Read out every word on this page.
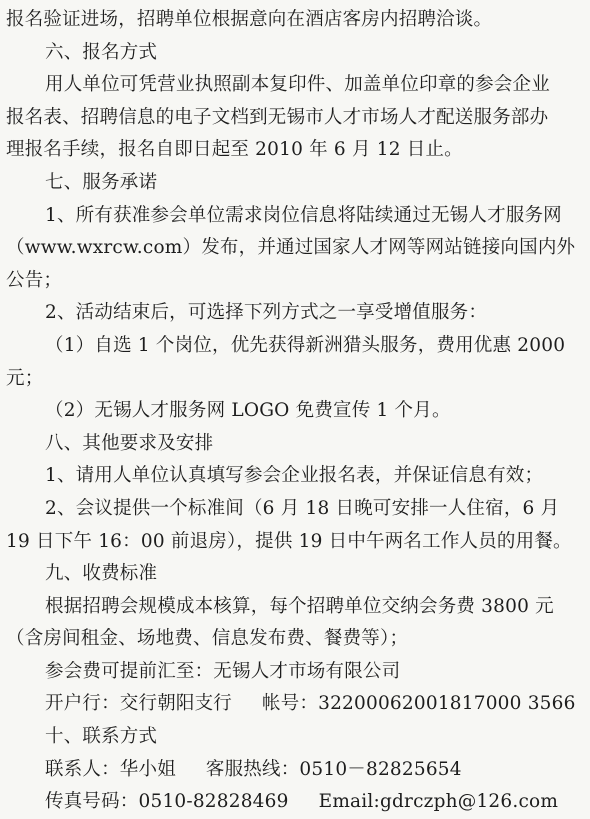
报名验证进场，招聘单位根据意向在酒店客房内招聘洽谈。
六、报名方式
用人单位可凭营业执照副本复印件、加盖单位印章的参会企业
报名表、招聘信息的电子文档到无锡市人才市场人才配送服务部办
理报名手续，报名自即日起至 2010 年 6 月 12 日止。
七、服务承诺
1、所有获准参会单位需求岗位信息将陆续通过无锡人才服务网
（www.wxrcw.com）发布，并通过国家人才网等网站链接向国内外
公告；
2、活动结束后，可选择下列方式之一享受增值服务：
（1）自选 1 个岗位，优先获得新洲猎头服务，费用优惠 2000
元；
（2）无锡人才服务网 LOGO 免费宣传 1 个月。
八、其他要求及安排
1、请用人单位认真填写参会企业报名表，并保证信息有效；
2、会议提供一个标准间（6 月 18 日晚可安排一人住宿，6 月
19 日下午 16：00 前退房），提供 19 日中午两名工作人员的用餐。
九、收费标准
根据招聘会规模成本核算，每个招聘单位交纳会务费 3800 元
（含房间租金、场地费、信息发布费、餐费等）；
参会费可提前汇至：无锡人才市场有限公司
开户行：交行朝阳支行 帐号：32200062001817000 3566
十、联系方式
联系人：华小姐 客服热线：0510－82825654
传真号码：0510-82828469 Email:gdrczph@126.com
